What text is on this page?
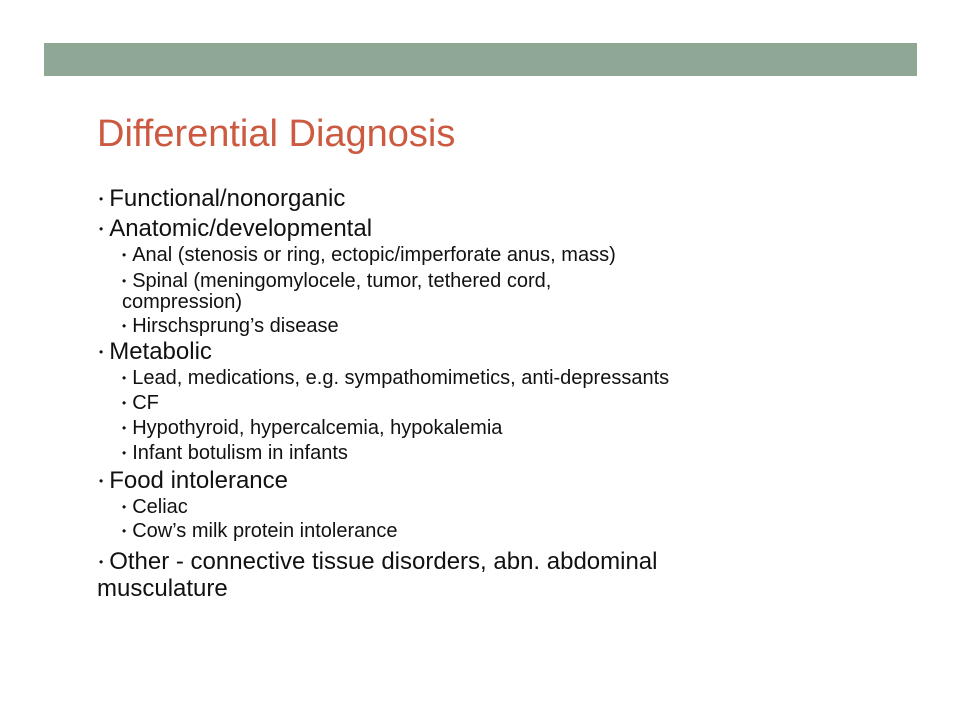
Differential Diagnosis
• Functional/nonorganic
• Anatomic/developmental
• Anal (stenosis or ring, ectopic/imperforate anus, mass)
• Spinal (meningomylocele, tumor, tethered cord,
compression)
• Hirschsprung’s disease
• Metabolic
• Lead, medications, e.g. sympathomimetics, anti-depressants
• CF
• Hypothyroid, hypercalcemia, hypokalemia
• Infant botulism in infants
• Food intolerance
• Celiac
• Cow’s milk protein intolerance
• Other - connective tissue disorders, abn. abdominal
musculature
